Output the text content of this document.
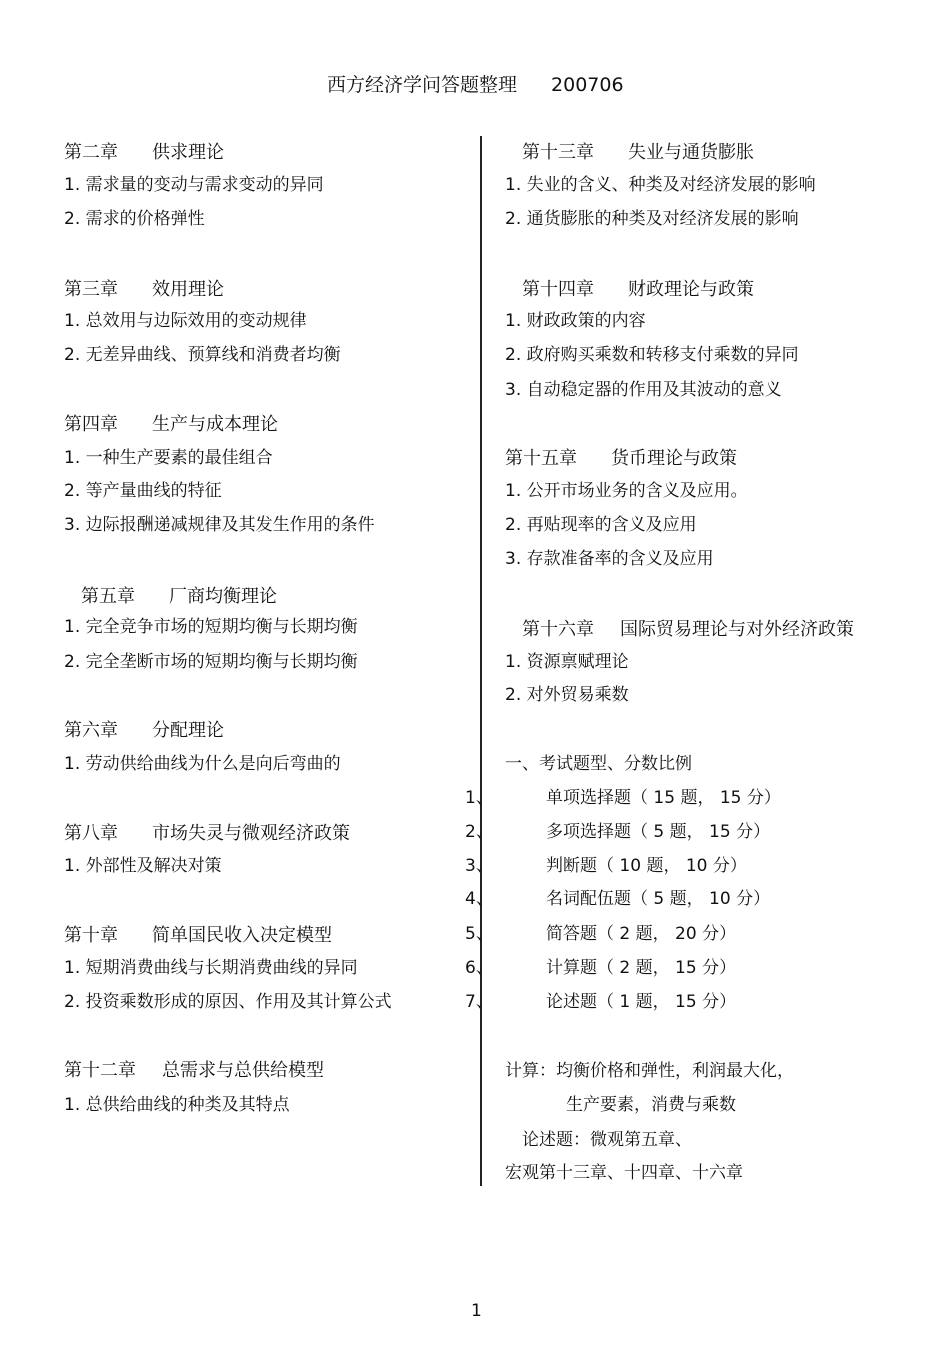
西方经济学问答题整理 200706
第二章 供求理论
1. 需求量的变动与需求变动的异同
2. 需求的价格弹性
第三章 效用理论
1. 总效用与边际效用的变动规律
2. 无差异曲线、预算线和消费者均衡
第四章 生产与成本理论
1. 一种生产要素的最佳组合
2. 等产量曲线的特征
3. 边际报酬递减规律及其发生作用的条件
第五章 厂商均衡理论
1. 完全竞争市场的短期均衡与长期均衡
2. 完全垄断市场的短期均衡与长期均衡
第六章 分配理论
1. 劳动供给曲线为什么是向后弯曲的
第八章 市场失灵与微观经济政策
1. 外部性及解决对策
第十章 简单国民收入决定模型
1. 短期消费曲线与长期消费曲线的异同
2. 投资乘数形成的原因、作用及其计算公式
第十二章 总需求与总供给模型
1. 总供给曲线的种类及其特点
第十三章 失业与通货膨胀
1. 失业的含义、种类及对经济发展的影响
2. 通货膨胀的种类及对经济发展的影响
第十四章 财政理论与政策
1. 财政政策的内容
2. 政府购买乘数和转移支付乘数的异同
3. 自动稳定器的作用及其波动的意义
第十五章 货币理论与政策
1. 公开市场业务的含义及应用。
2. 再贴现率的含义及应用
3. 存款准备率的含义及应用
第十六章 国际贸易理论与对外经济政策
1. 资源禀赋理论
2. 对外贸易乘数
一、考试题型、分数比例
1、	单项选择题（ 15 题， 15 分）
2、	多项选择题（ 5 题， 15 分）
3、	判断题（ 10 题， 10 分）
4、	名词配伍题（ 5 题， 10 分）
5、	简答题（ 2 题， 20 分）
6、	计算题（ 2 题， 15 分）
7、	论述题（ 1 题， 15 分）
计算：均衡价格和弹性，利润最大化，
生产要素，消费与乘数
论述题：微观第五章、
宏观第十三章、十四章、十六章
1
